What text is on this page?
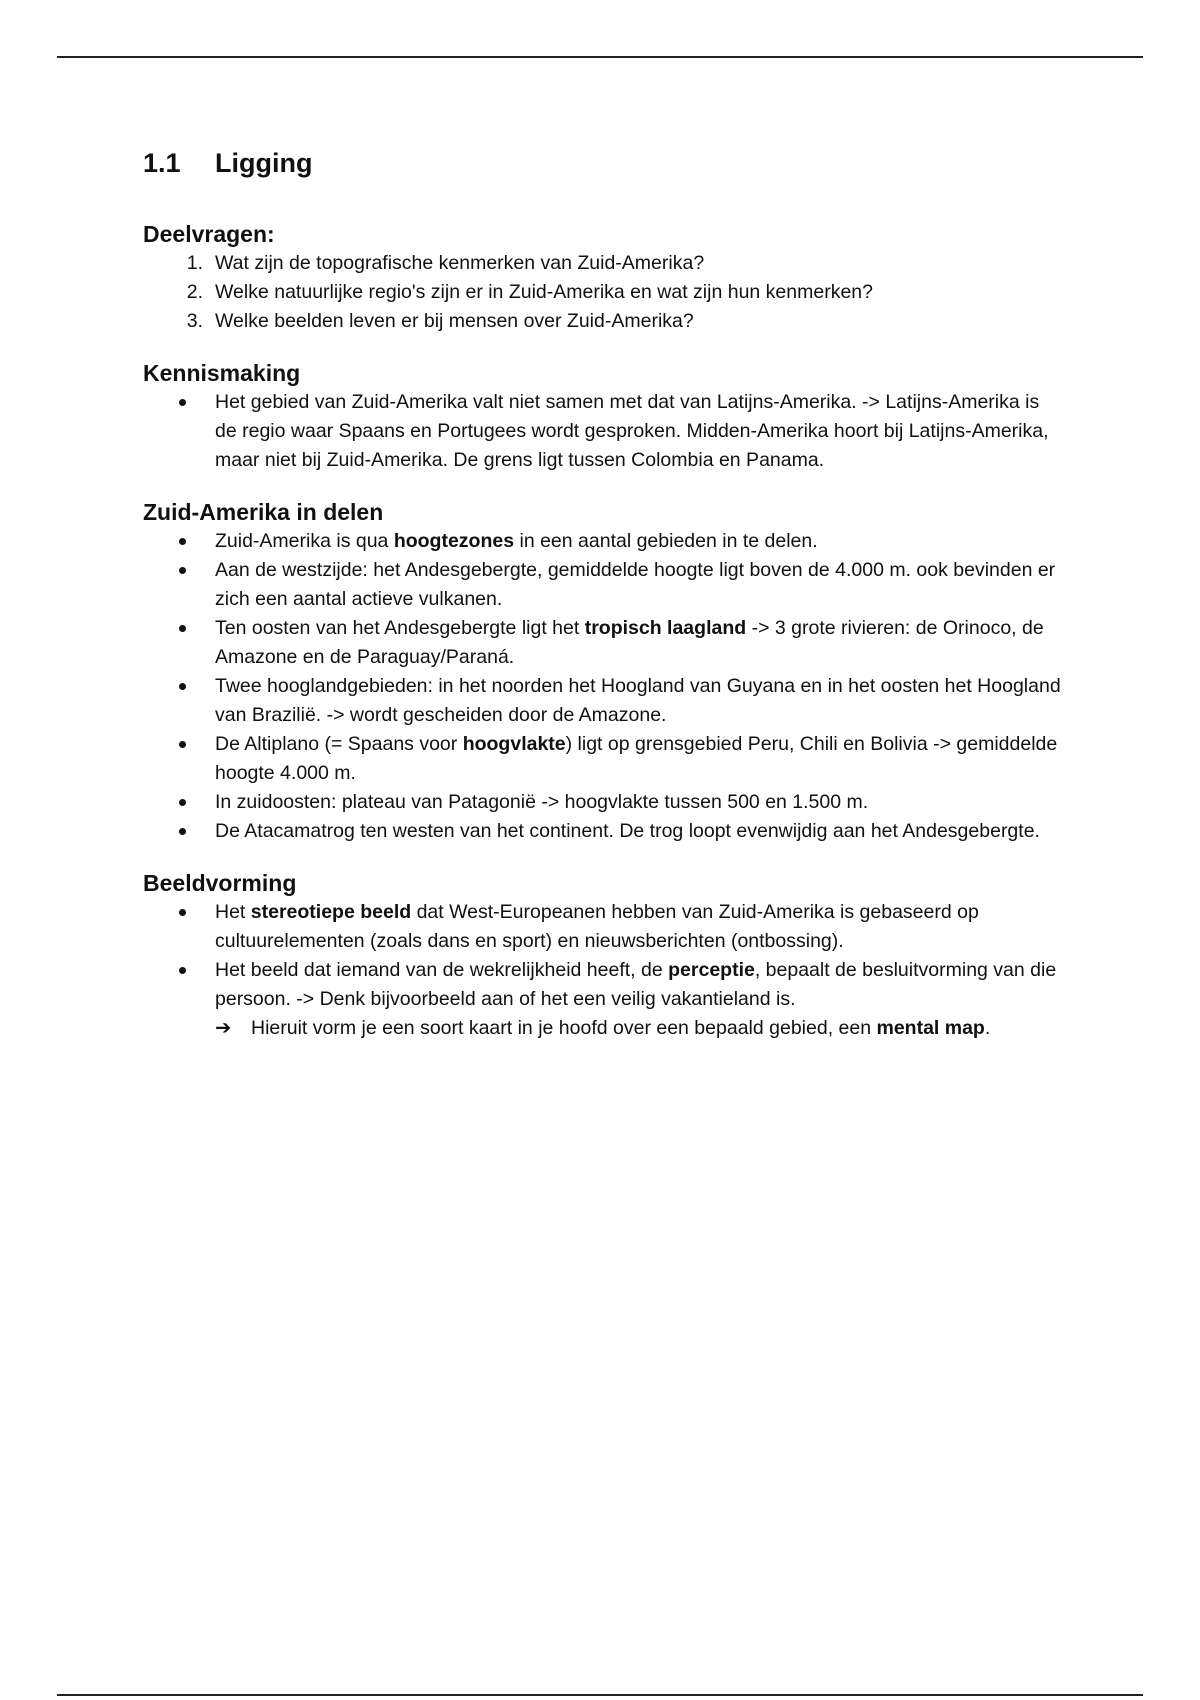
1.1	Ligging
Deelvragen:
1. Wat zijn de topografische kenmerken van Zuid-Amerika?
2. Welke natuurlijke regio's zijn er in Zuid-Amerika en wat zijn hun kenmerken?
3. Welke beelden leven er bij mensen over Zuid-Amerika?
Kennismaking
Het gebied van Zuid-Amerika valt niet samen met dat van Latijns-Amerika. -> Latijns-Amerika is de regio waar Spaans en Portugees wordt gesproken. Midden-Amerika hoort bij Latijns-Amerika, maar niet bij Zuid-Amerika. De grens ligt tussen Colombia en Panama.
Zuid-Amerika in delen
Zuid-Amerika is qua hoogtezones in een aantal gebieden in te delen.
Aan de westzijde: het Andesgebergte, gemiddelde hoogte ligt boven de 4.000 m. ook bevinden er zich een aantal actieve vulkanen.
Ten oosten van het Andesgebergte ligt het tropisch laagland -> 3 grote rivieren: de Orinoco, de Amazone en de Paraguay/Paraná.
Twee hooglandgebieden: in het noorden het Hoogland van Guyana en in het oosten het Hoogland van Brazilië. -> wordt gescheiden door de Amazone.
De Altiplano (= Spaans voor hoogvlakte) ligt op grensgebied Peru, Chili en Bolivia -> gemiddelde hoogte 4.000 m.
In zuidoosten: plateau van Patagonië -> hoogvlakte tussen 500 en 1.500 m.
De Atacamatrog ten westen van het continent. De trog loopt evenwijdig aan het Andesgebergte.
Beeldvorming
Het stereotiepe beeld dat West-Europeanen hebben van Zuid-Amerika is gebaseerd op cultuurelementen (zoals dans en sport) en nieuwsberichten (ontbossing).
Het beeld dat iemand van de wekrelijkheid heeft, de perceptie, bepaalt de besluitvorming van die persoon. -> Denk bijvoorbeeld aan of het een veilig vakantieland is.
➔ Hieruit vorm je een soort kaart in je hoofd over een bepaald gebied, een mental map.
